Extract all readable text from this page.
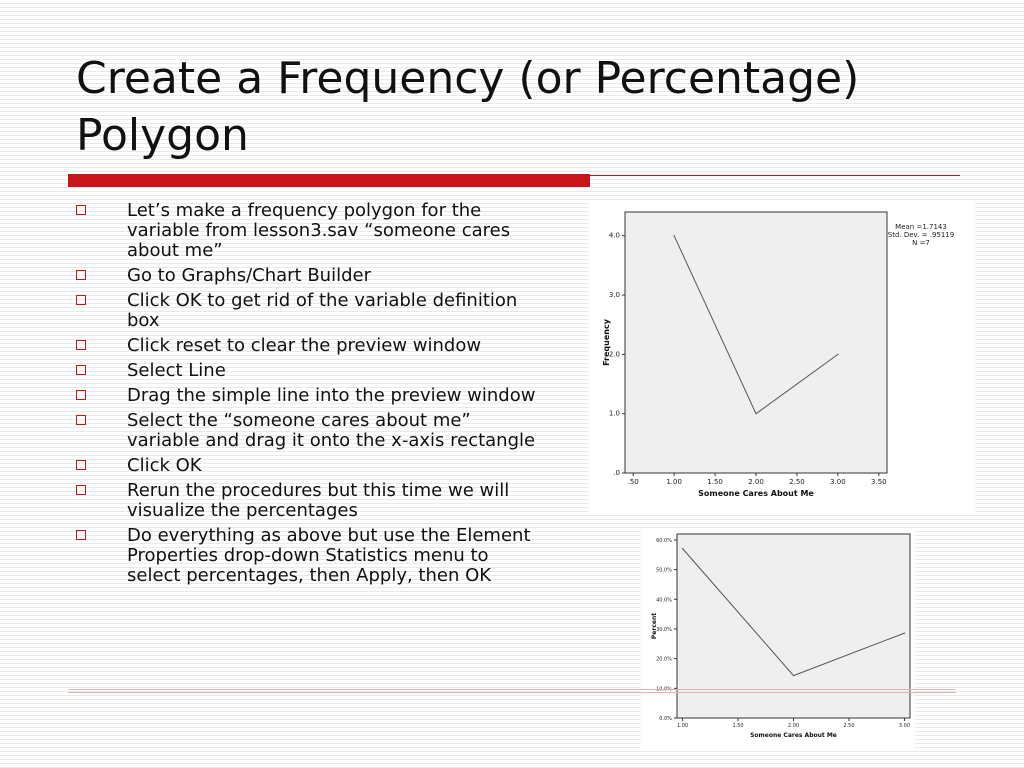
Create a Frequency (or Percentage)
Polygon
Let’s make a frequency polygon for the variable from lesson3.sav “someone cares about me”
Go to Graphs/Chart Builder
Click OK to get rid of the variable definition box
Click reset to clear the preview window
Select Line
Drag the simple line into the preview window
Select the “someone cares about me” variable and drag it onto the x-axis rectangle
Click OK
Rerun the procedures but this time we will visualize the percentages
Do everything as above but use the Element Properties drop-down Statistics menu to select percentages, then Apply, then OK
.0
1.0
2.0
3.0
4.0
.50	1.00	1.50	2.00	2.50	3.00	3.50
Someone Cares About Me
Frequency
Mean =1.7143
Std. Dev. = .95119
N =7
0.0%
20.0%
30.0%
40.0%
50.0%
60.0%
1.00	1.50	2.00	2.50	3.00
Someone Cares About Me
Percent
